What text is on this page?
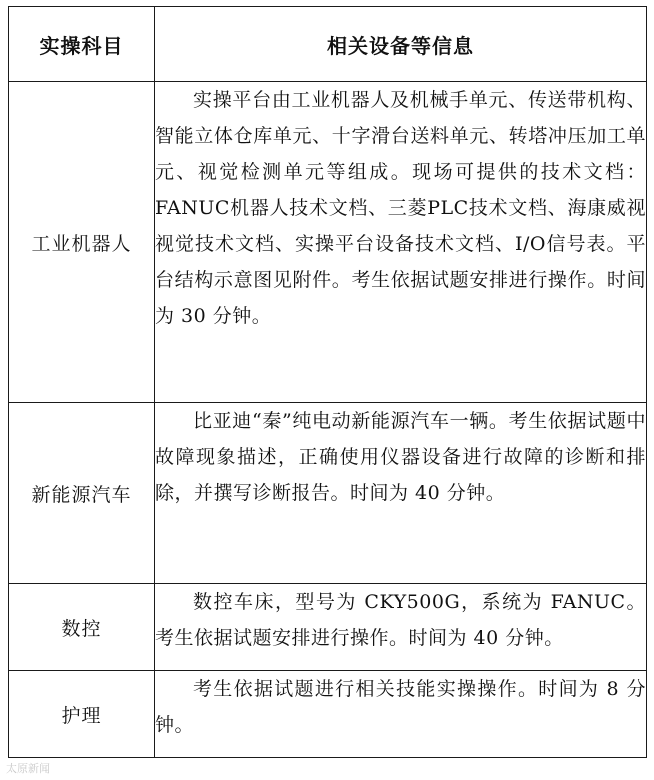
实操科目	相关设备等信息
工业机器人	实操平台由工业机器人及机械手单元、传送带机构、智能立体仓库单元、十字滑台送料单元、转塔冲压加工单元、视觉检测单元等组成。现场可提供的技术文档：FANUC机器人技术文档、三菱PLC技术文档、海康威视视觉技术文档、实操平台设备技术文档、I/O信号表。平台结构示意图见附件。考生依据试题安排进行操作。时间为 30 分钟。
新能源汽车	比亚迪“秦”纯电动新能源汽车一辆。考生依据试题中故障现象描述，正确使用仪器设备进行故障的诊断和排除，并撰写诊断报告。时间为 40 分钟。
数控	数控车床，型号为 CKY500G，系统为 FANUC。考生依据试题安排进行操作。时间为 40 分钟。
护理	考生依据试题进行相关技能实操操作。时间为 8 分钟。
太原新闻
